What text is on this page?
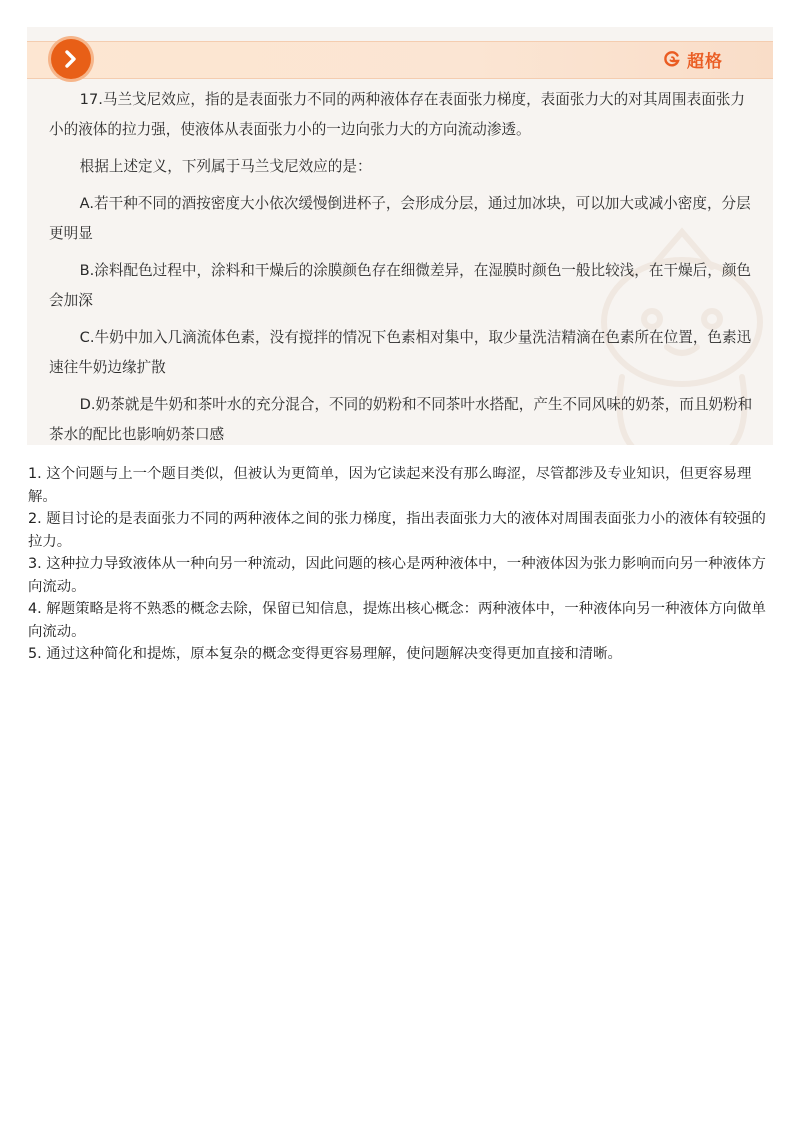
超格

17.马兰戈尼效应，指的是表面张力不同的两种液体存在表面张力梯度，表面张力大的对其周围表面张力小的液体的拉力强，使液体从表面张力小的一边向张力大的方向流动渗透。

根据上述定义，下列属于马兰戈尼效应的是：

A.若干种不同的酒按密度大小依次缓慢倒进杯子，会形成分层，通过加冰块，可以加大或减小密度，分层更明显

B.涂料配色过程中，涂料和干燥后的涂膜颜色存在细微差异，在湿膜时颜色一般比较浅，在干燥后，颜色会加深

C.牛奶中加入几滴流体色素，没有搅拌的情况下色素相对集中，取少量洗洁精滴在色素所在位置，色素迅速往牛奶边缘扩散

D.奶茶就是牛奶和茶叶水的充分混合，不同的奶粉和不同茶叶水搭配，产生不同风味的奶茶，而且奶粉和茶水的配比也影响奶茶口感

1. 这个问题与上一个题目类似，但被认为更简单，因为它读起来没有那么晦涩，尽管都涉及专业知识，但更容易理解。

2. 题目讨论的是表面张力不同的两种液体之间的张力梯度，指出表面张力大的液体对周围表面张力小的液体有较强的拉力。

3. 这种拉力导致液体从一种向另一种流动，因此问题的核心是两种液体中，一种液体因为张力影响而向另一种液体方向流动。

4. 解题策略是将不熟悉的概念去除，保留已知信息，提炼出核心概念：两种液体中，一种液体向另一种液体方向做单向流动。

5. 通过这种简化和提炼，原本复杂的概念变得更容易理解，使问题解决变得更加直接和清晰。
